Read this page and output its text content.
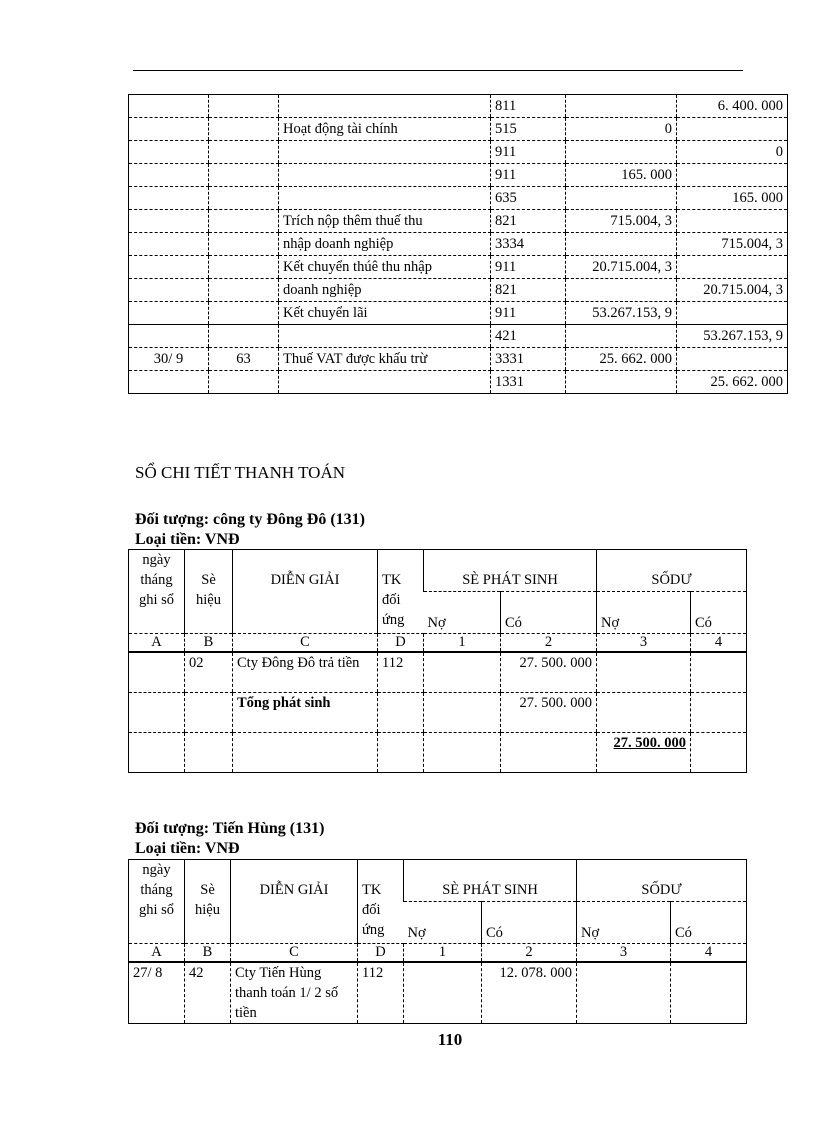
			811		6. 400. 000
		Hoạt động tài chính	515	0	
			911		0
			911	165. 000	
			635		165. 000
		Trích nộp thêm thuế thu	821	715.004, 3	
		nhập doanh nghiệp	3334		715.004, 3
		Kết chuyển thúê thu nhập	911	20.715.004, 3	
		doanh nghiệp	821		20.715.004, 3
		Kết chuyển lãi	911	53.267.153, 9	
			421		53.267.153, 9
30/ 9	63	Thuế VAT được khấu trừ	3331	25. 662. 000	
			1331		25. 662. 000
SỔ CHI TIẾT THANH TOÁN
Đối tượng: công ty Đông Đô (131)
Loại tiền: VNĐ
ngày tháng ghi sổ	Sè hiệu	DIỄN GIẢI	TK đối ứng	SÈ PHÁT SINH		SỐDƯ	
				Nợ	Có	Nợ	Có
A	B	C	D	1	2	3	4
	02	Cty Đông Đô trả tiền	112		27. 500. 000		
		Tổng phát sinh			27. 500. 000		
						27. 500. 000	
Đối tượng: Tiến Hùng (131)
Loại tiền: VNĐ
ngày tháng ghi sổ	Sè hiệu	DIỄN GIẢI	TK đối ứng	SÈ PHÁT SINH		SỐDƯ	
				Nợ	Có	Nợ	Có
A	B	C	D	1	2	3	4
27/ 8	42	Cty Tiến Hùng thanh toán 1/ 2 số tiền	112		12. 078. 000		
110
